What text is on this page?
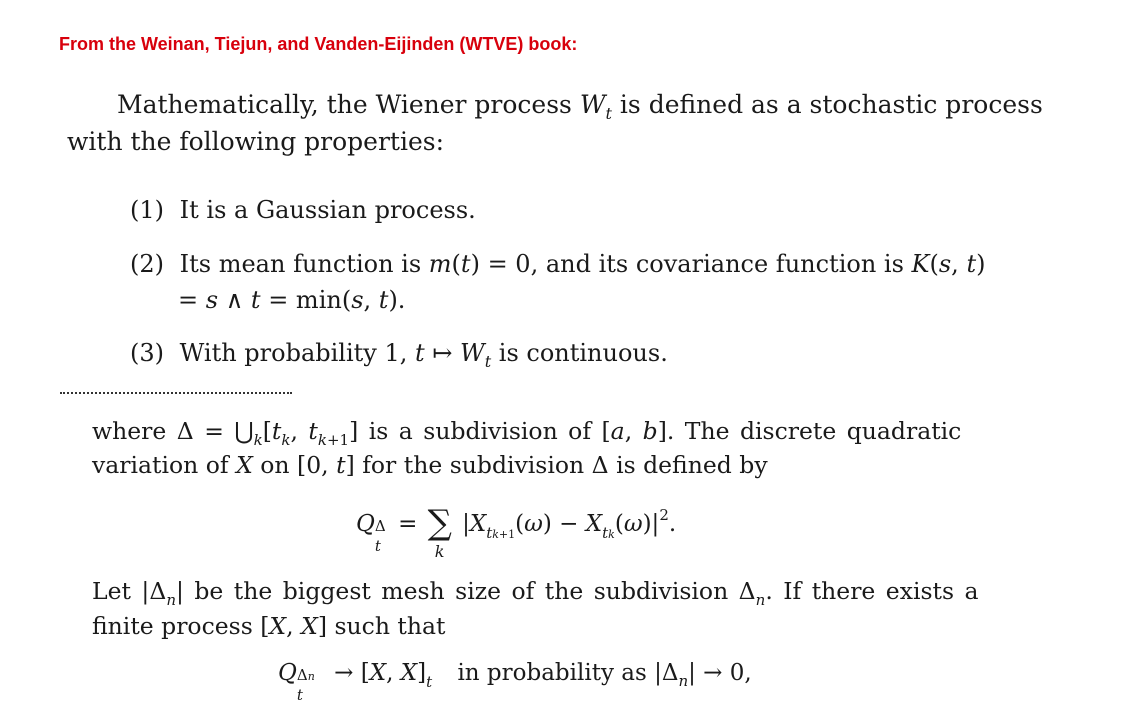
From the Weinan, Tiejun, and Vanden-Eijinden (WTVE) book:
Mathematically, the Wiener process $W_t$ is defined as a stochastic process
with the following properties:
(1) It is a Gaussian process.
(2) Its mean function is m(t) = 0, and its covariance function is K(s, t)
= s ∧ t = min(s, t).
(3) With probability 1, t ↦ $W_t$ is continuous.
where $\Delta = ⋃_k[t_k$, $t_{k+1}$] is a subdivision of [a, b]. The discrete quadratic
variation of X on [0, t] for the subdivision Δ is defined by
Q Δ
t
= ∑
k
$|X_{tk+1}(\omega) - X_{tk}(\omega)|^2$.
Let $|\Delta_n|$ be the biggest mesh size of the subdivision $\Delta_n$. If there exists a
finite process [X, X] such that
Q Δn
t
→ [X, $X]_t$ in probability as $|\Delta_n| \to 0$,
